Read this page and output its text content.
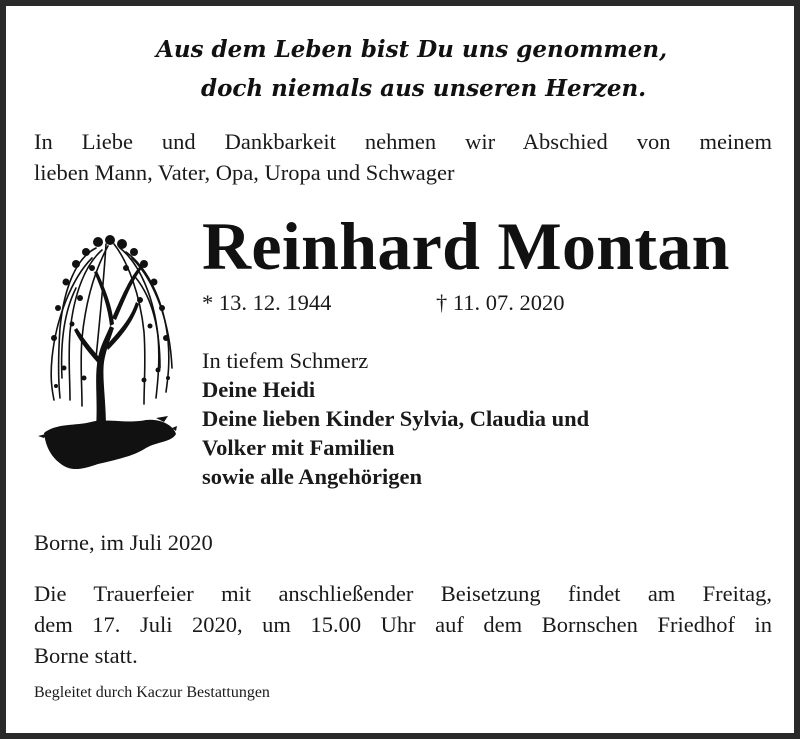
Aus dem Leben bist Du uns genommen,
doch niemals aus unseren Herzen.
In Liebe und Dankbarkeit nehmen wir Abschied von meinem
lieben Mann, Vater, Opa, Uropa und Schwager
Reinhard Montan
* 13. 12. 1944	† 11. 07. 2020
In tiefem Schmerz
Deine Heidi
Deine lieben Kinder Sylvia, Claudia und
Volker mit Familien
sowie alle Angehörigen
Borne, im Juli 2020
Die Trauerfeier mit anschließender Beisetzung findet am Freitag,
dem 17. Juli 2020, um 15.00 Uhr auf dem Bornschen Friedhof in
Borne statt.
Begleitet durch Kaczur Bestattungen
